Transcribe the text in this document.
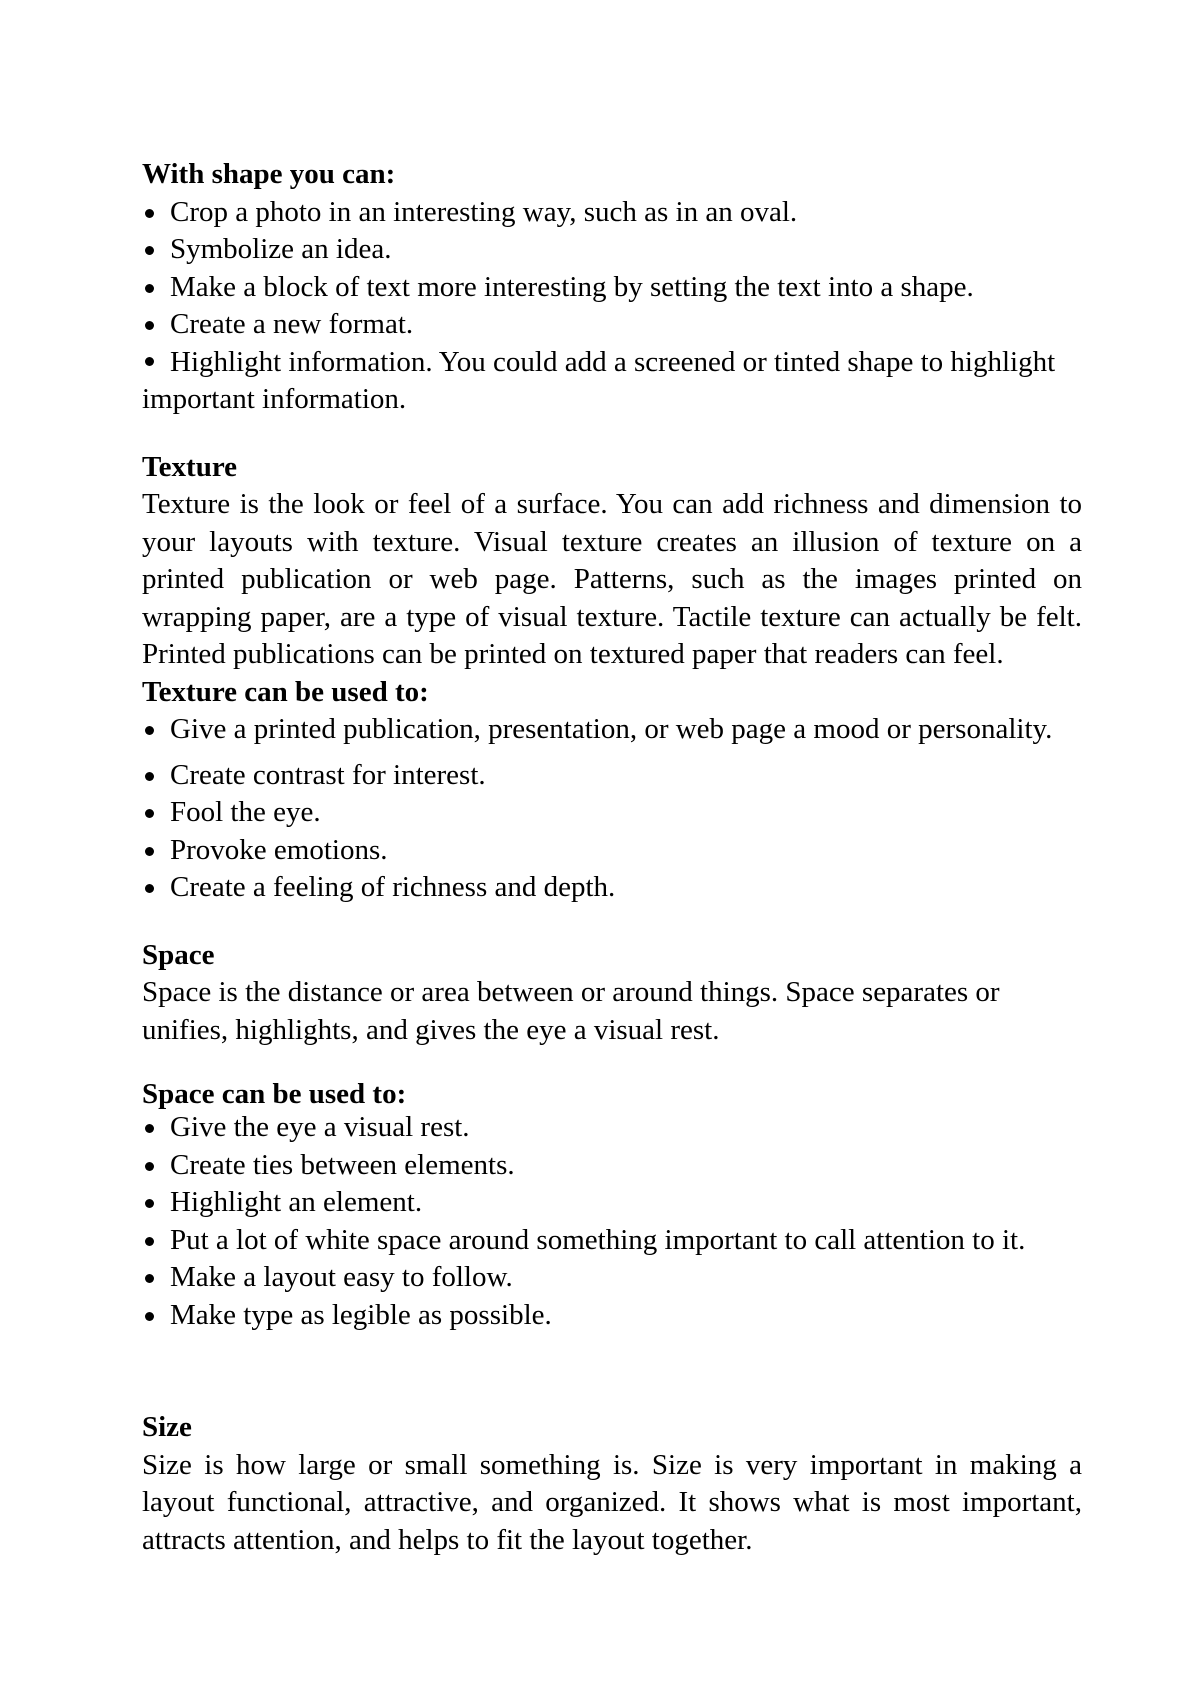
With shape you can:

Crop a photo in an interesting way, such as in an oval.
Symbolize an idea.
Make a block of text more interesting by setting the text into a shape.
Create a new format.

Highlight information. You could add a screened or tinted shape to highlight important information.

Texture

Texture is the look or feel of a surface. You can add richness and dimension to your layouts with texture. Visual texture creates an illusion of texture on a printed publication or web page. Patterns, such as the images printed on wrapping paper, are a type of visual texture. Tactile texture can actually be felt. Printed publications can be printed on textured paper that readers can feel.

Texture can be used to:

Give a printed publication, presentation, or web page a mood or personality.
Create contrast for interest.
Fool the eye.
Provoke emotions.
Create a feeling of richness and depth.

Space

Space is the distance or area between or around things. Space separates or unifies, highlights, and gives the eye a visual rest.

Space can be used to:

Give the eye a visual rest.
Create ties between elements.
Highlight an element.
Put a lot of white space around something important to call attention to it.
Make a layout easy to follow.
Make type as legible as possible.

Size

Size is how large or small something is. Size is very important in making a layout functional, attractive, and organized. It shows what is most important, attracts attention, and helps to fit the layout together.
